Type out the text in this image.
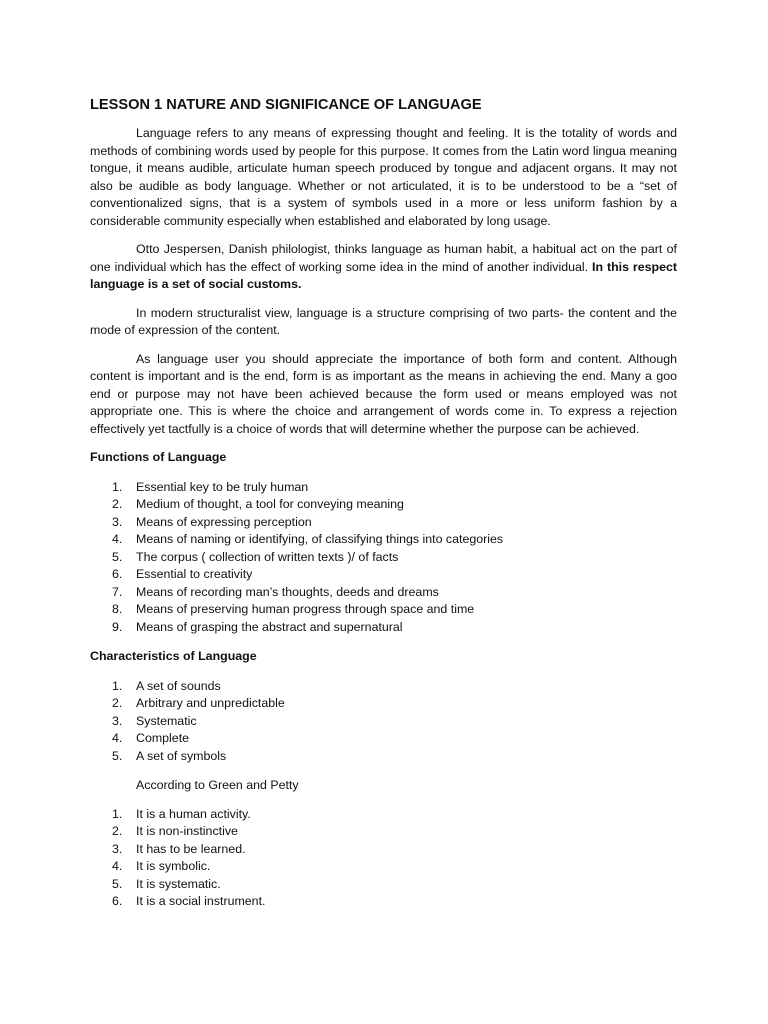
LESSON 1 NATURE AND SIGNIFICANCE OF LANGUAGE

Language refers to any means of expressing thought and feeling. It is the totality of words and methods of combining words used by people for this purpose. It comes from the Latin word lingua meaning tongue, it means audible, articulate human speech produced by tongue and adjacent organs. It may not also be audible as body language. Whether or not articulated, it is to be understood to be a “set of conventionalized signs, that is a system of symbols used in a more or less uniform fashion by a considerable community especially when established and elaborated by long usage.

Otto Jespersen, Danish philologist, thinks language as human habit, a habitual act on the part of one individual which has the effect of working some idea in the mind of another individual. In this respect language is a set of social customs.

In modern structuralist view, language is a structure comprising of two parts- the content and the mode of expression of the content.

As language user you should appreciate the importance of both form and content. Although content is important and is the end, form is as important as the means in achieving the end. Many a goo end or purpose may not have been achieved because the form used or means employed was not appropriate one. This is where the choice and arrangement of words come in. To express a rejection effectively yet tactfully is a choice of words that will determine whether the purpose can be achieved.

Functions of Language
1. Essential key to be truly human
2. Medium of thought, a tool for conveying meaning
3. Means of expressing perception
4. Means of naming or identifying, of classifying things into categories
5. The corpus ( collection of written texts )/ of facts
6. Essential to creativity
7. Means of recording man’s thoughts, deeds and dreams
8. Means of preserving human progress through space and time
9. Means of grasping the abstract and supernatural
Characteristics of Language
1. A set of sounds
2. Arbitrary and unpredictable
3. Systematic
4. Complete
5. A set of symbols

According to Green and Petty

1. It is a human activity.
2. It is non-instinctive
3. It has to be learned.
4. It is symbolic.
5. It is systematic.
6. It is a social instrument.
